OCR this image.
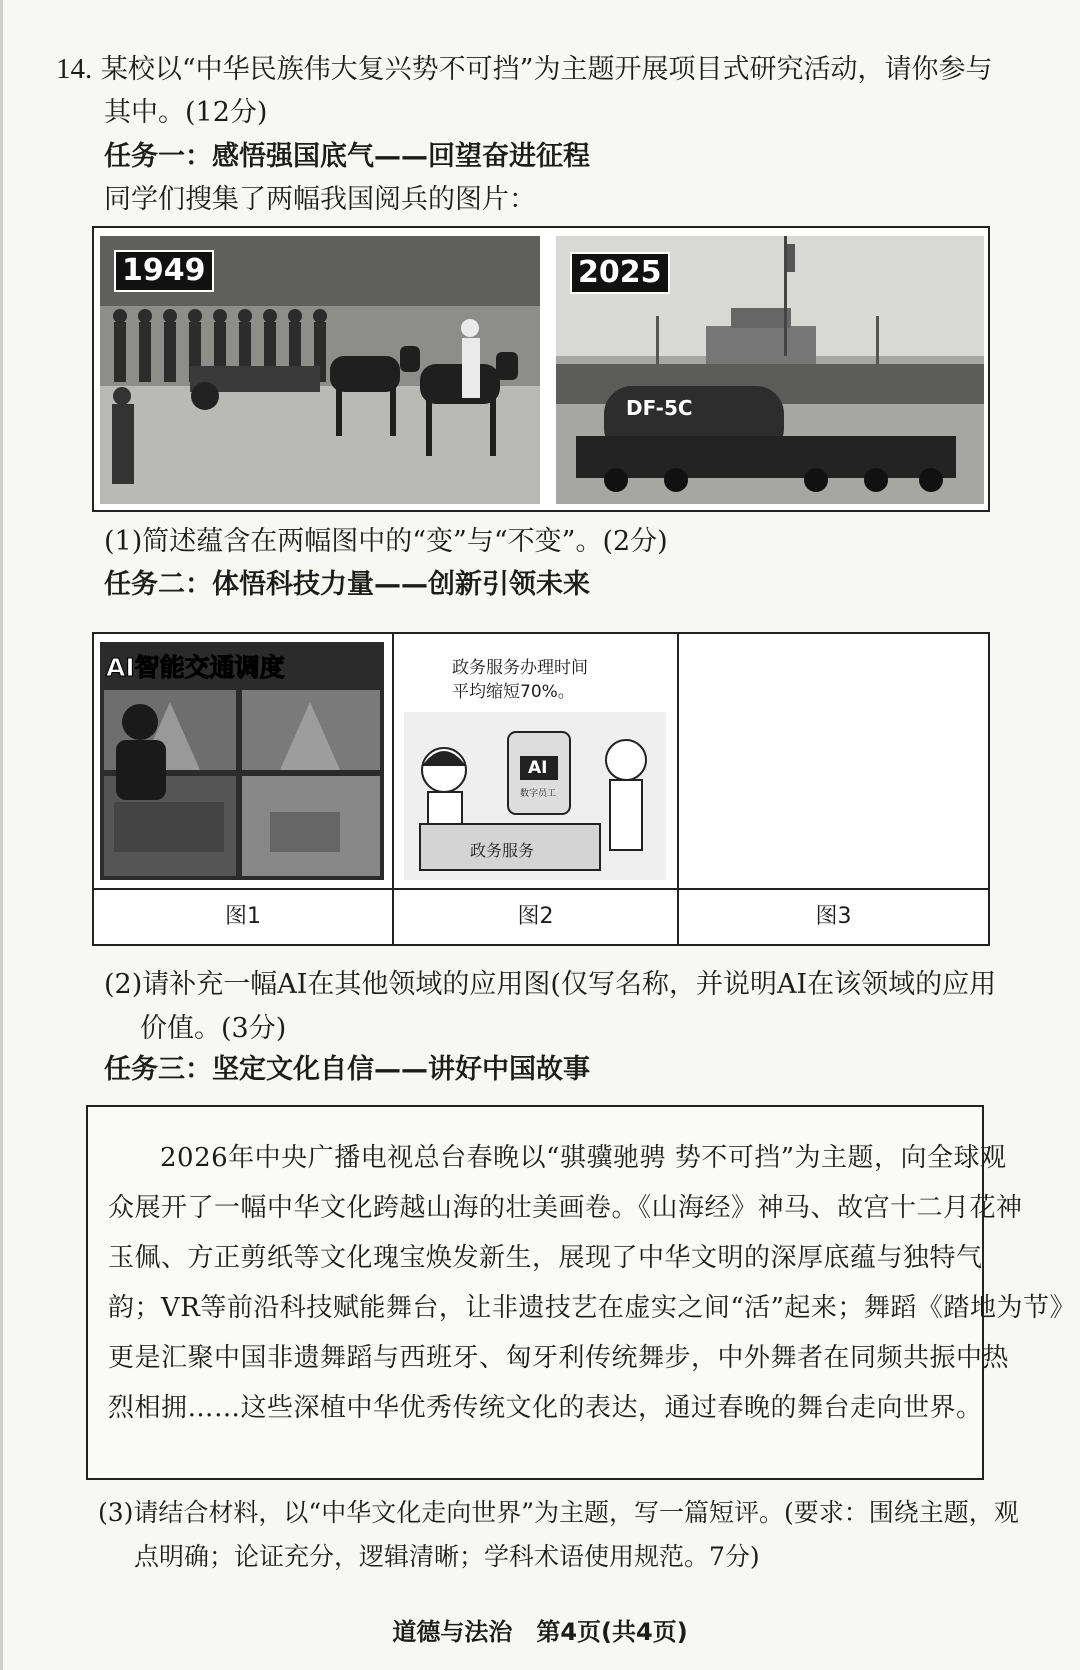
14. 某校以“中华民族伟大复兴势不可挡”为主题开展项目式研究活动，请你参与
其中。(12分)
任务一：感悟强国底气——回望奋进征程
同学们搜集了两幅我国阅兵的图片：
1949	2025
DF-5C
(1)简述蕴含在两幅图中的“变”与“不变”。(2分)
任务二：体悟科技力量——创新引领未来
AI智能交通调度
图1
政务服务办理时间
平均缩短70%。
AI
数字员工
政务服务
图2	图3
(2)请补充一幅AI在其他领域的应用图(仅写名称，并说明AI在该领域的应用
价值。(3分)
任务三：坚定文化自信——讲好中国故事
2026年中央广播电视总台春晚以“骐骥驰骋 势不可挡”为主题，向全球观
众展开了一幅中华文化跨越山海的壮美画卷。《山海经》神马、故宫十二月花神
玉佩、方正剪纸等文化瑰宝焕发新生，展现了中华文明的深厚底蕴与独特气
韵；VR等前沿科技赋能舞台，让非遗技艺在虚实之间“活”起来；舞蹈《踏地为节》
更是汇聚中国非遗舞蹈与西班牙、匈牙利传统舞步，中外舞者在同频共振中热
烈相拥……这些深植中华优秀传统文化的表达，通过春晚的舞台走向世界。
(3)请结合材料，以“中华文化走向世界”为主题，写一篇短评。(要求：围绕主题，观
点明确；论证充分，逻辑清晰；学科术语使用规范。7分)
道德与法治　第4页(共4页)
